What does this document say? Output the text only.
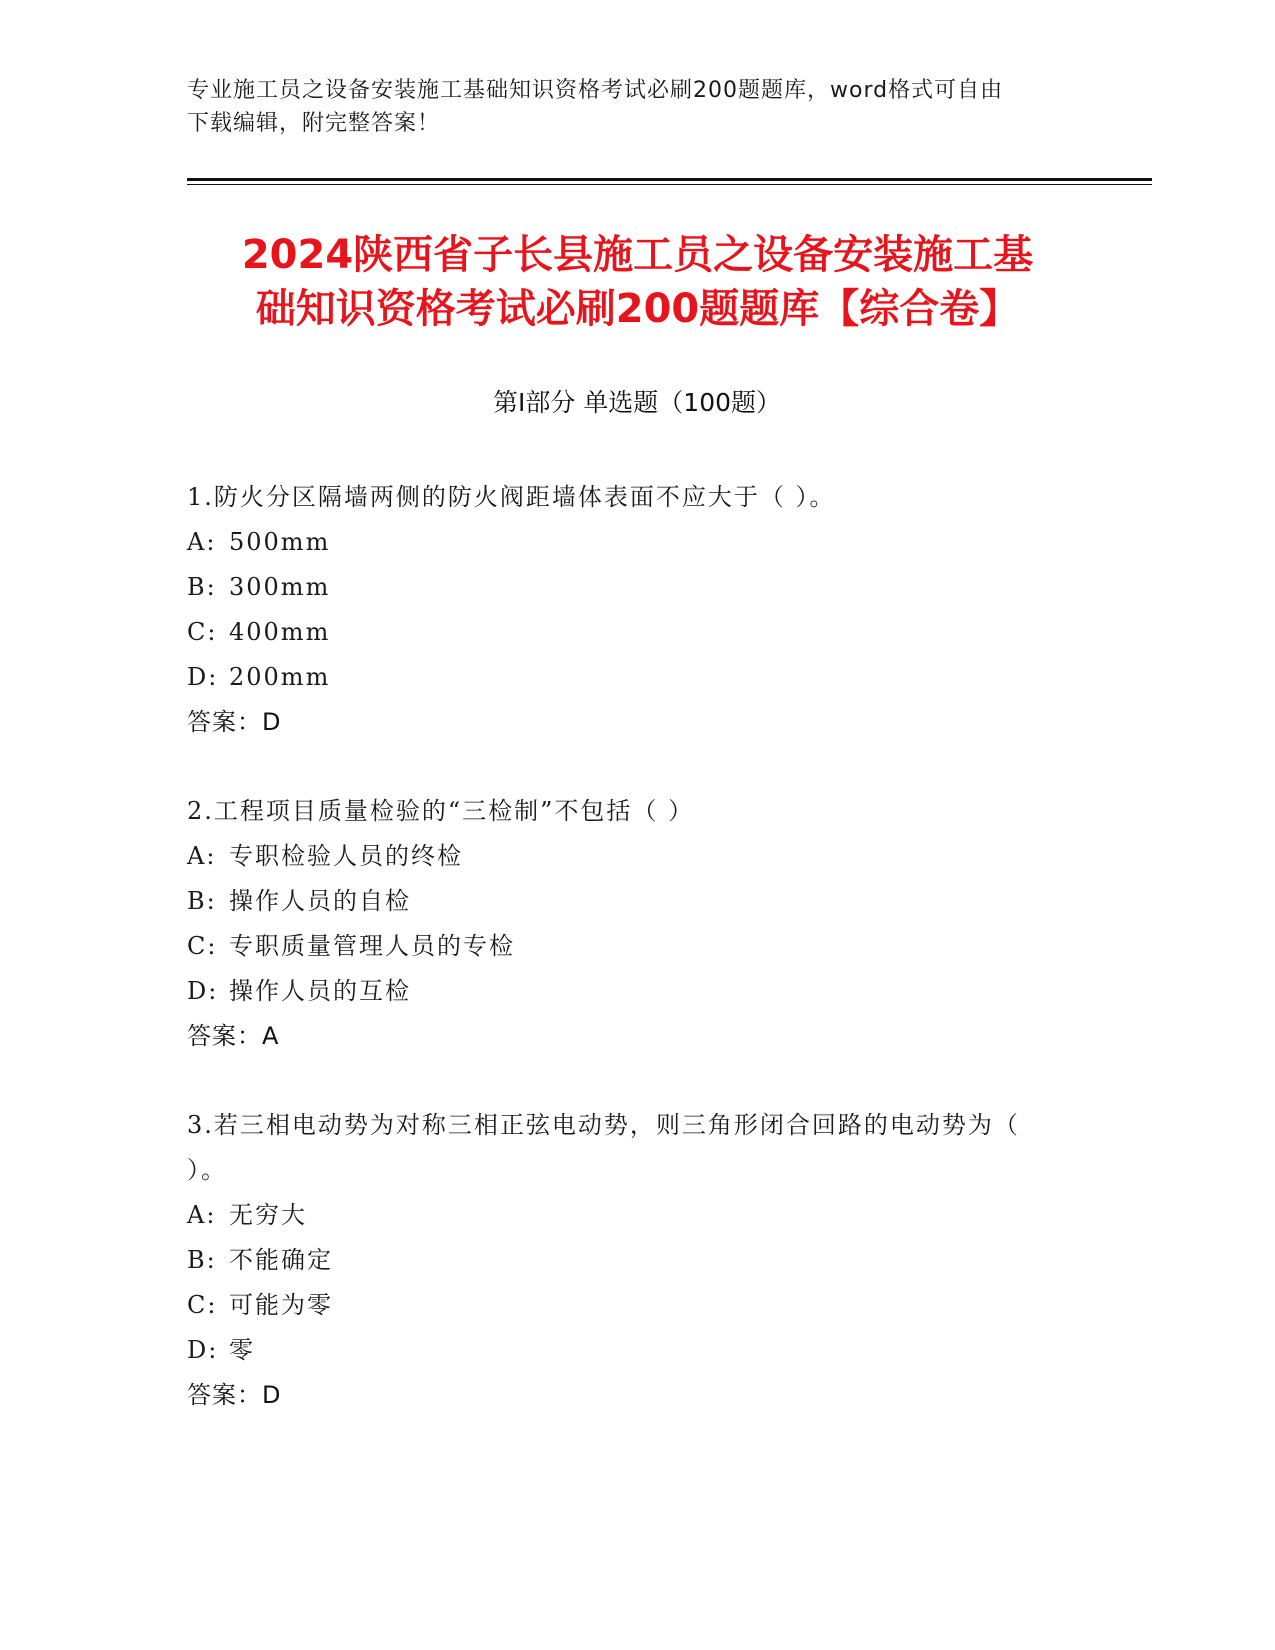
专业施工员之设备安装施工基础知识资格考试必刷200题题库，word格式可自由
下载编辑，附完整答案！
2024陕西省子长县施工员之设备安装施工基
础知识资格考试必刷200题题库【综合卷】
第Ⅰ部分 单选题（100题）
1.防火分区隔墙两侧的防火阀距墙体表面不应大于（ ）。
A: 500mm
B: 300mm
C: 400mm
D: 200mm
答案：D
2.工程项目质量检验的“三检制”不包括（ ）
A: 专职检验人员的终检
B: 操作人员的自检
C: 专职质量管理人员的专检
D: 操作人员的互检
答案：A
3.若三相电动势为对称三相正弦电动势，则三角形闭合回路的电动势为（ ）。
A: 无穷大
B: 不能确定
C: 可能为零
D: 零
答案：D
